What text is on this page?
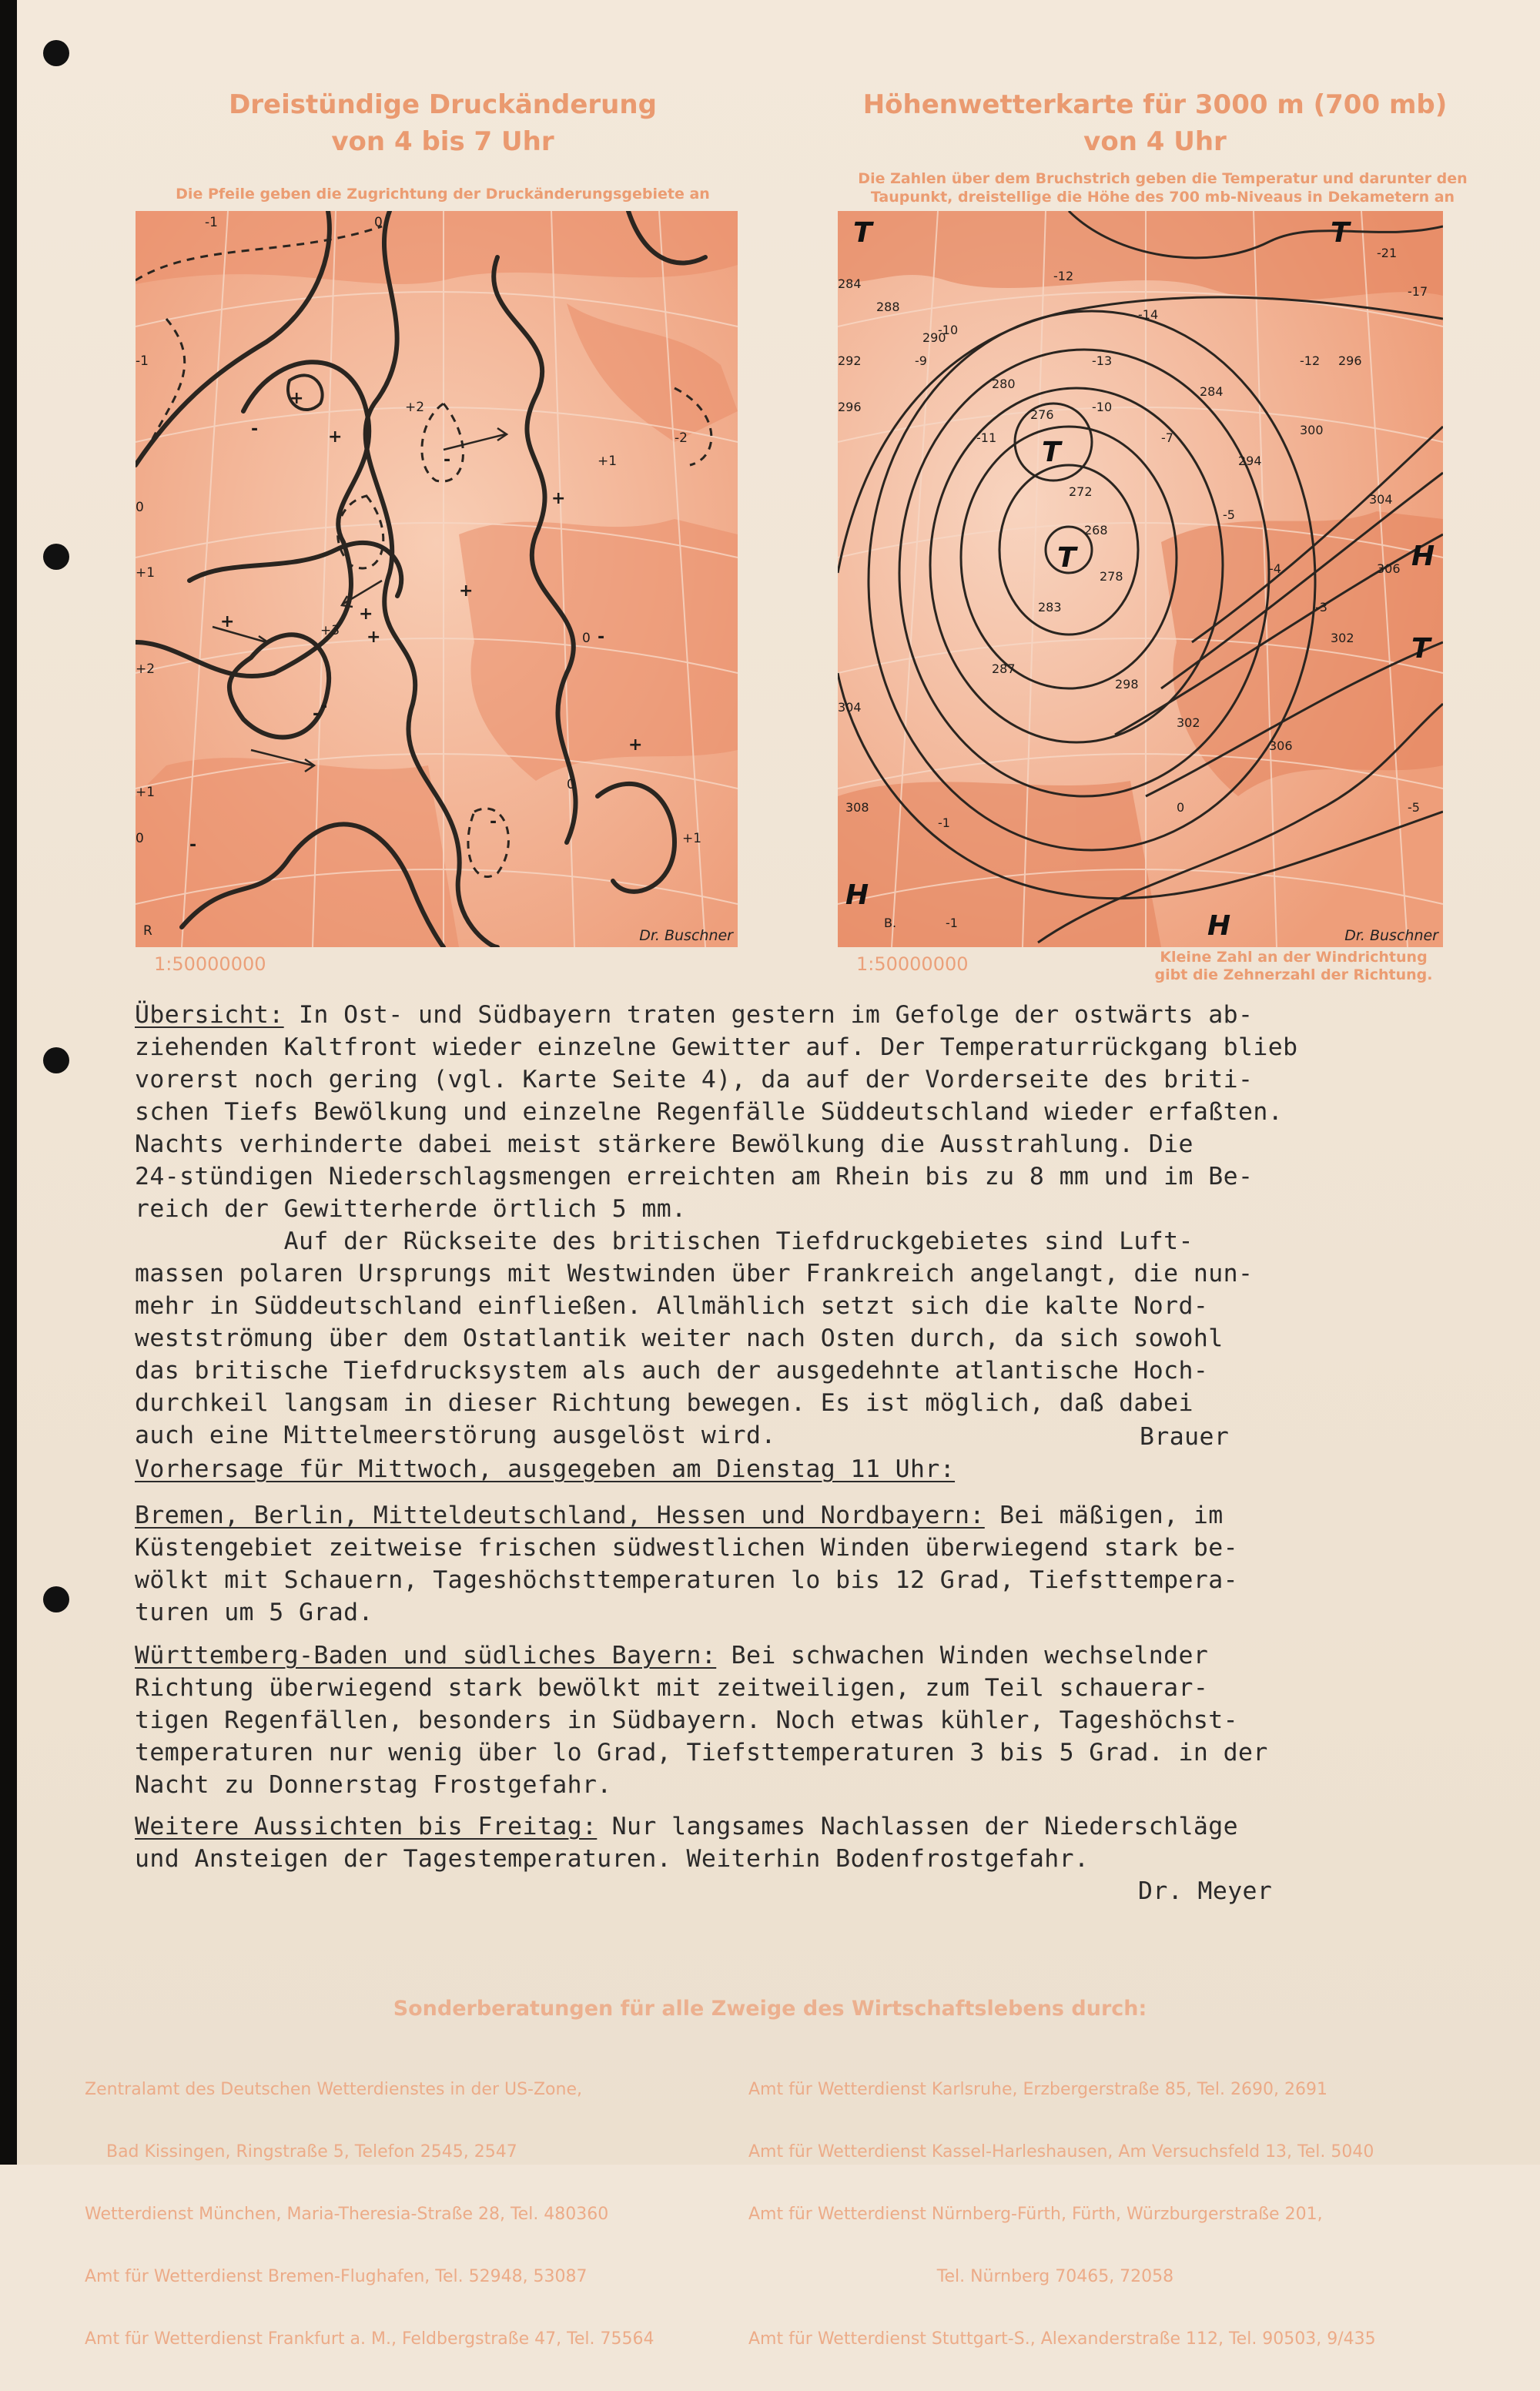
Dreistündige Druckänderung
von 4 bis 7 Uhr
Die Pfeile geben die Zugrichtung der Druckänderungsgebiete an
+
+
+
+
-
+
+
-
-
+
+
-
-
-
-
-1	0
-1
0
+1
+2
+1
0
+3
+2
0
-2
+1
+1
0
R	Dr. Buschner
1:50000000
Höhenwetterkarte für 3000 m (700 mb)
von 4 Uhr
Die Zahlen über dem Bruchstrich geben die Temperatur und darunter den
Taupunkt, dreistellige die Höhe des 700 mb-Niveaus in Dekametern an
T	T
T
T
T
H
H
H
284
288
292
296
304
308
290
280
276
272
268
278
283
287
298
302
306
302
306
304
300
284
294
296
-17
-21
-12
-10
-9
-11
-10
-7
-5
-4
-3
-5
-1
-1
0
-12
-14
-13
B.
Dr. Buschner
1:50000000	Kleine Zahl an der Windrichtung
gibt die Zehnerzahl der Richtung.
Übersicht: In Ost- und Südbayern traten gestern im Gefolge der ostwärts ab-
ziehenden Kaltfront wieder einzelne Gewitter auf. Der Temperaturrückgang blieb
vorerst noch gering (vgl. Karte Seite 4), da auf der Vorderseite des briti-
schen Tiefs Bewölkung und einzelne Regenfälle Süddeutschland wieder erfaßten.
Nachts verhinderte dabei meist stärkere Bewölkung die Ausstrahlung. Die
24-stündigen Niederschlagsmengen erreichten am Rhein bis zu 8 mm und im Be-
reich der Gewitterherde örtlich 5 mm.
Auf der Rückseite des britischen Tiefdruckgebietes sind Luft-
massen polaren Ursprungs mit Westwinden über Frankreich angelangt, die nun-
mehr in Süddeutschland einfließen. Allmählich setzt sich die kalte Nord-
westströmung über dem Ostatlantik weiter nach Osten durch, da sich sowohl
das britische Tiefdrucksystem als auch der ausgedehnte atlantische Hoch-
durchkeil langsam in dieser Richtung bewegen. Es ist möglich, daß dabei
auch eine Mittelmeerstörung ausgelöst wird.	Brauer
Vorhersage für Mittwoch, ausgegeben am Dienstag 11 Uhr:
Bremen, Berlin, Mitteldeutschland, Hessen und Nordbayern: Bei mäßigen, im
Küstengebiet zeitweise frischen südwestlichen Winden überwiegend stark be-
wölkt mit Schauern, Tageshöchsttemperaturen lo bis 12 Grad, Tiefsttempera-
turen um 5 Grad.
Württemberg-Baden und südliches Bayern: Bei schwachen Winden wechselnder
Richtung überwiegend stark bewölkt mit zeitweiligen, zum Teil schauerar-
tigen Regenfällen, besonders in Südbayern. Noch etwas kühler, Tageshöchst-
temperaturen nur wenig über lo Grad, Tiefsttemperaturen 3 bis 5 Grad. in der
Nacht zu Donnerstag Frostgefahr.
Weitere Aussichten bis Freitag: Nur langsames Nachlassen der Niederschläge
und Ansteigen der Tagestemperaturen. Weiterhin Bodenfrostgefahr.
Dr. Meyer
Sonderberatungen für alle Zweige des Wirtschaftslebens durch:

Zentralamt des Deutschen Wetterdienstes in der US-Zone,

Bad Kissingen, Ringstraße 5, Telefon 2545, 2547

Wetterdienst München, Maria-Theresia-Straße 28, Tel. 480360

Amt für Wetterdienst Bremen-Flughafen, Tel. 52948, 53087

Amt für Wetterdienst Frankfurt a. M., Feldbergstraße 47, Tel. 75564

Amt für Wetterdienst Karlsruhe, Erzbergerstraße 85, Tel. 2690, 2691

Amt für Wetterdienst Kassel-Harleshausen, Am Versuchsfeld 13, Tel. 5040

Amt für Wetterdienst Nürnberg-Fürth, Fürth, Würzburgerstraße 201,

Tel. Nürnberg 70465, 72058

Amt für Wetterdienst Stuttgart-S., Alexanderstraße 112, Tel. 90503, 9/435
